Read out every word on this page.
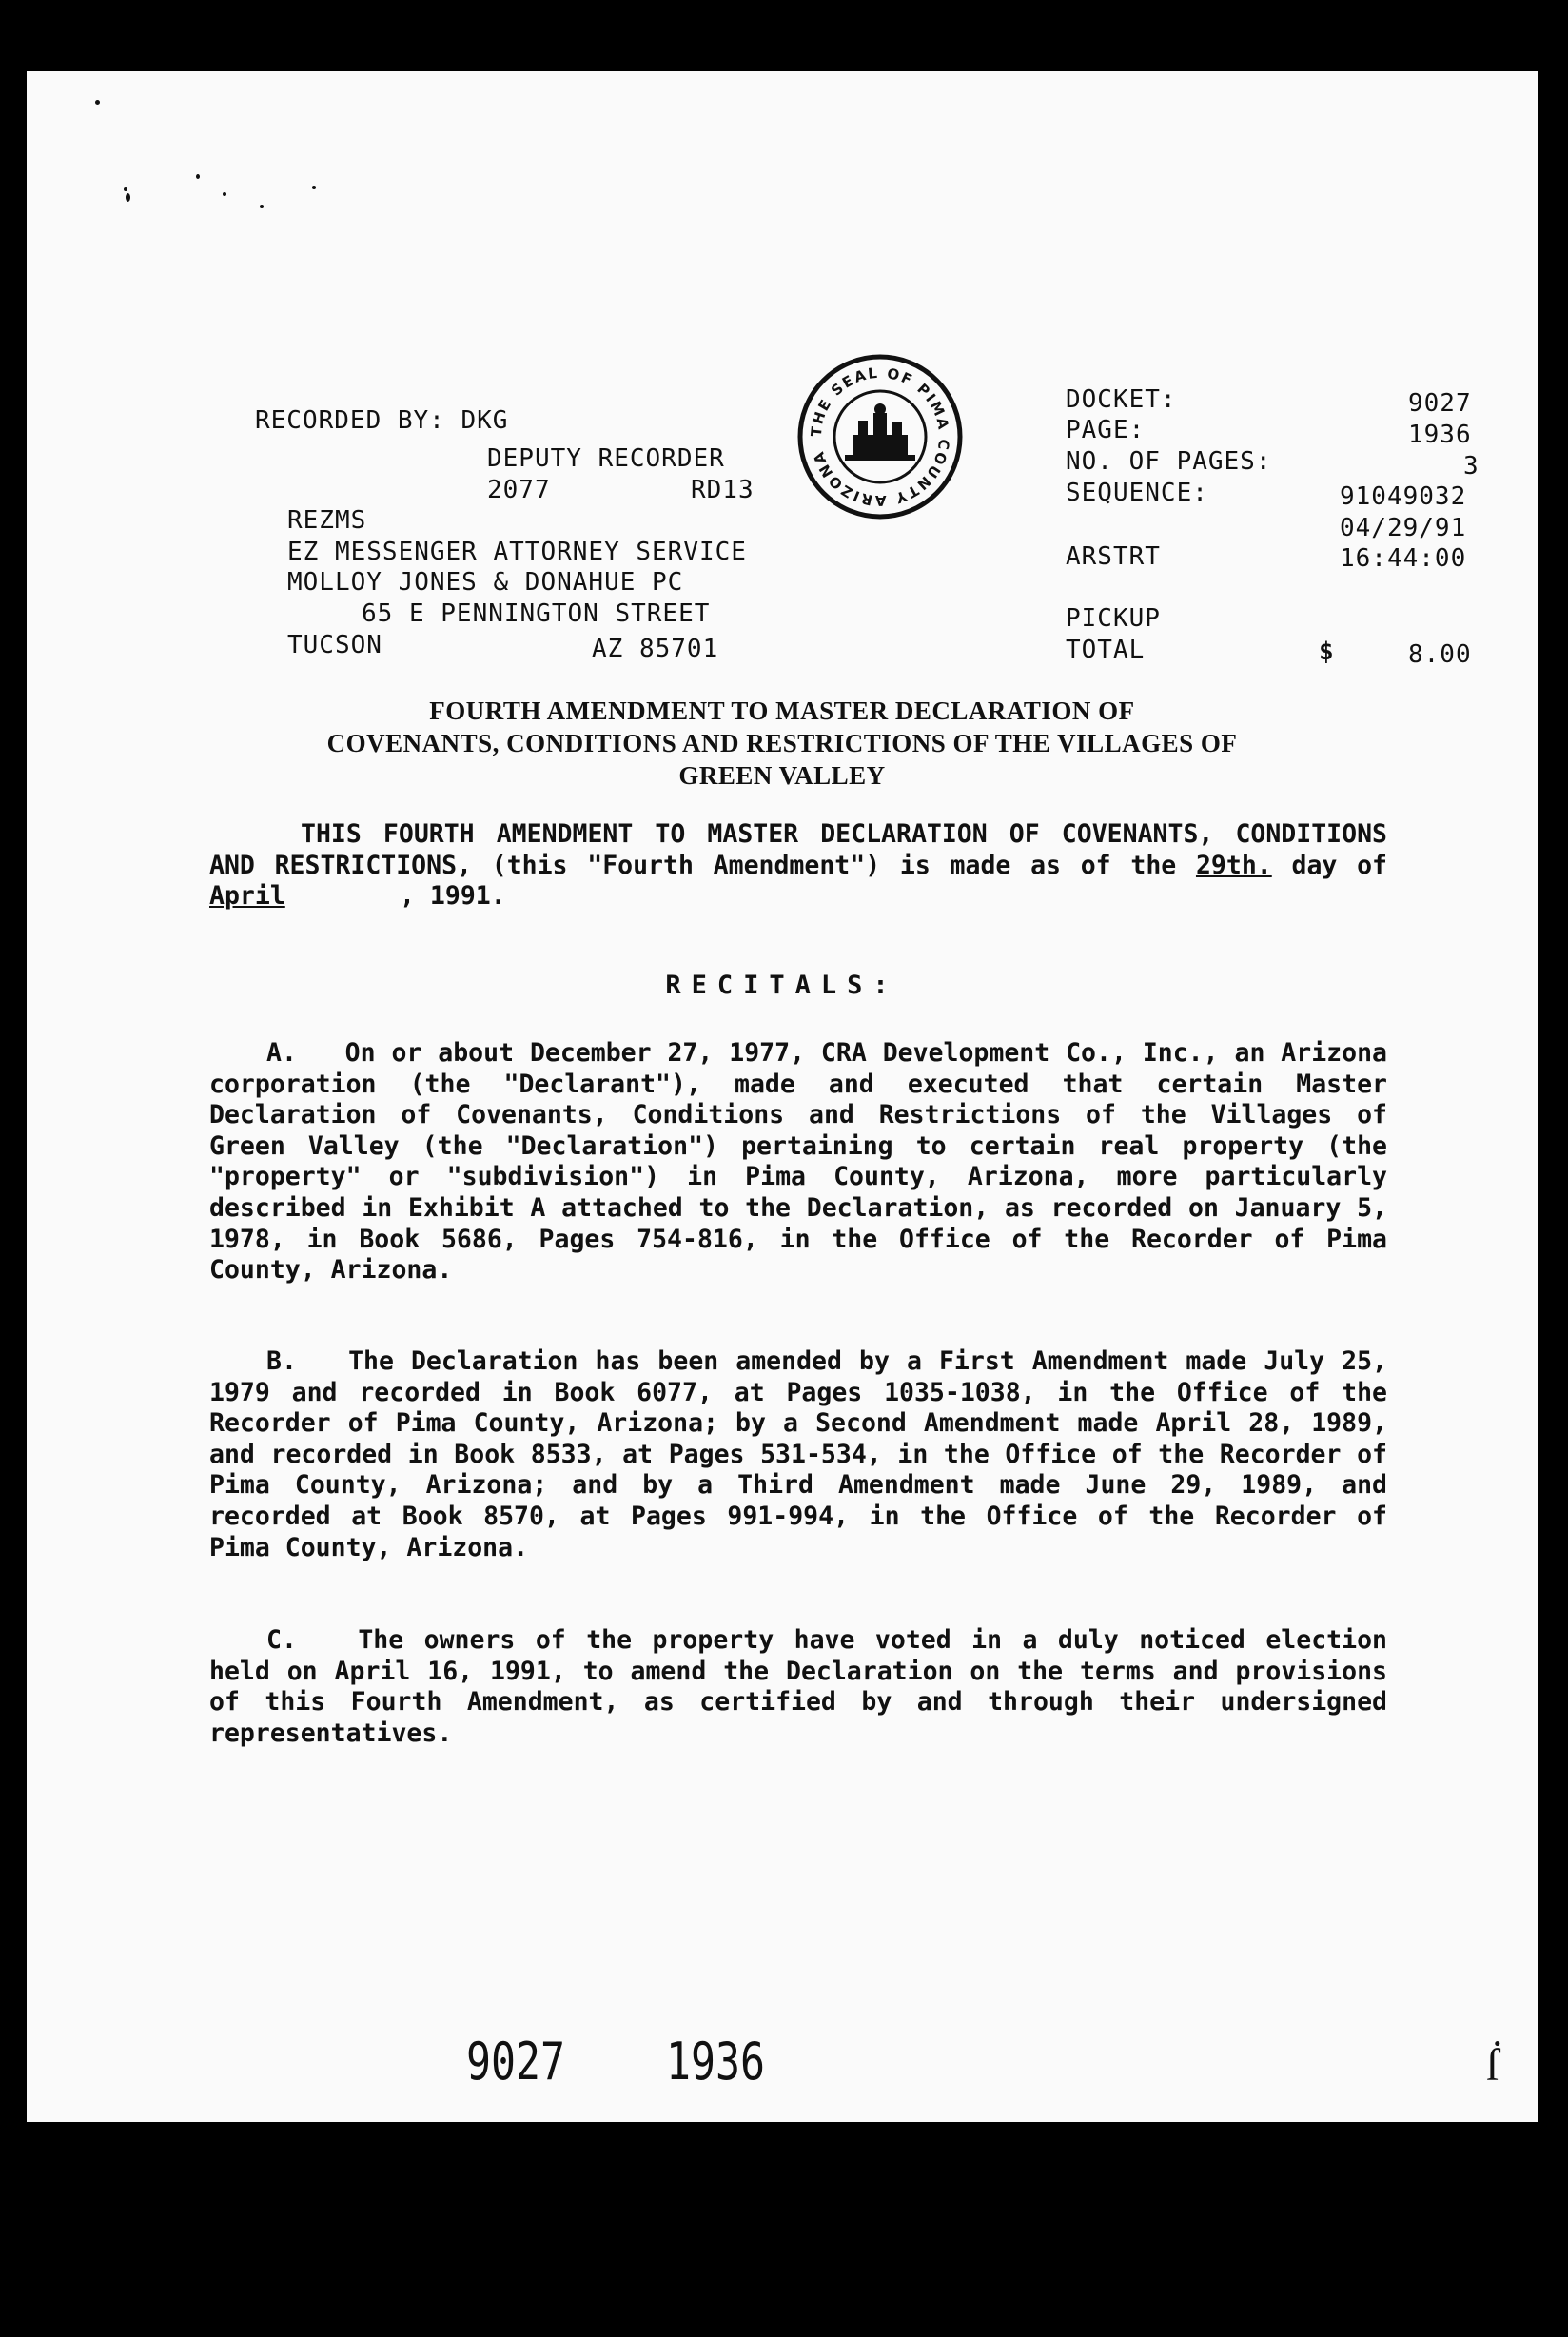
RECORDED BY: DKG
DEPUTY RECORDER
2077	RD13
REZMS
EZ MESSENGER ATTORNEY SERVICE
MOLLOY JONES & DONAHUE PC
65 E PENNINGTON STREET
TUCSON	AZ 85701
THE SEAL OF PIMA COUNTY ARIZONA
DOCKET:	9027
PAGE:	1936
NO. OF PAGES:	3
SEQUENCE:	91049032
04/29/91
ARSTRT	16:44:00
PICKUP
TOTAL	$	8.00
FOURTH AMENDMENT TO MASTER DECLARATION OF
COVENANTS, CONDITIONS AND RESTRICTIONS OF THE VILLAGES OF
GREEN VALLEY
THIS FOURTH AMENDMENT TO MASTER DECLARATION OF COVENANTS, CONDITIONS AND RESTRICTIONS, (this "Fourth Amendment") is made as of the 29th. day of April	, 1991.
RECITALS:
A. On or about December 27, 1977, CRA Development Co., Inc., an Arizona corporation (the "Declarant"), made and executed that certain Master Declaration of Covenants, Conditions and Restrictions of the Villages of Green Valley (the "Declaration") pertaining to certain real property (the "property" or "subdivision") in Pima County, Arizona, more particularly described in Exhibit A attached to the Declaration, as recorded on January 5, 1978, in Book 5686, Pages 754-816, in the Office of the Recorder of Pima County, Arizona.
B. The Declaration has been amended by a First Amendment made July 25, 1979 and recorded in Book 6077, at Pages 1035-1038, in the Office of the Recorder of Pima County, Arizona; by a Second Amendment made April 28, 1989, and recorded in Book 8533, at Pages 531-534, in the Office of the Recorder of Pima County, Arizona; and by a Third Amendment made June 29, 1989, and recorded at Book 8570, at Pages 991-994, in the Office of the Recorder of Pima County, Arizona.
C. The owners of the property have voted in a duly noticed election held on April 16, 1991, to amend the Declaration on the terms and provisions of this Fourth Amendment, as certified by and through their undersigned representatives.
9027 1936	ẛ
